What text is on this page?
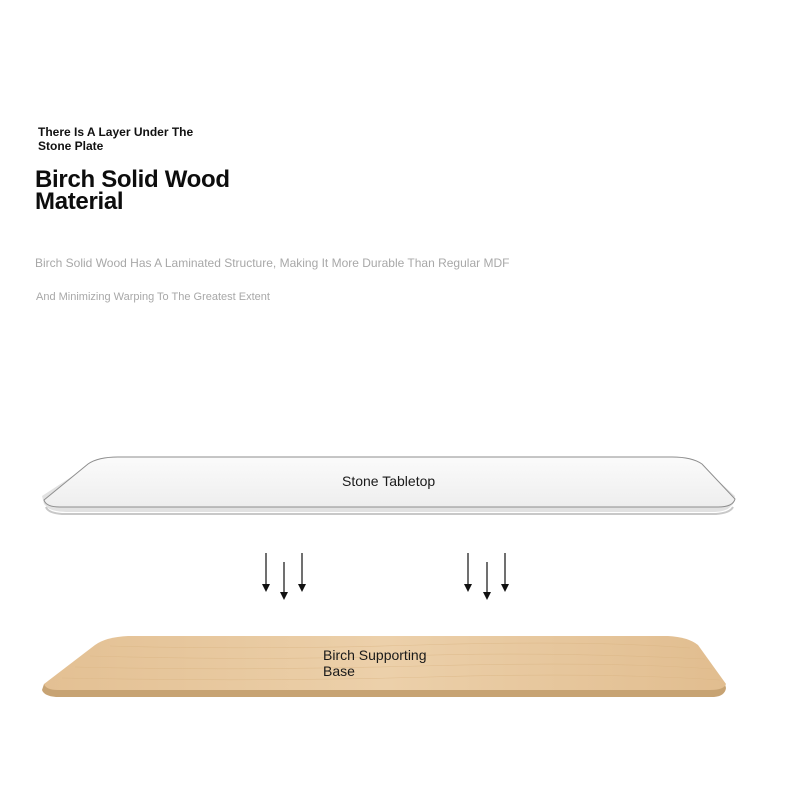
There Is A Layer Under The Stone Plate
Birch Solid Wood Material
Birch Solid Wood Has A Laminated Structure, Making It More Durable Than Regular MDF
And Minimizing Warping To The Greatest Extent
Stone Tabletop
Birch Supporting Base
